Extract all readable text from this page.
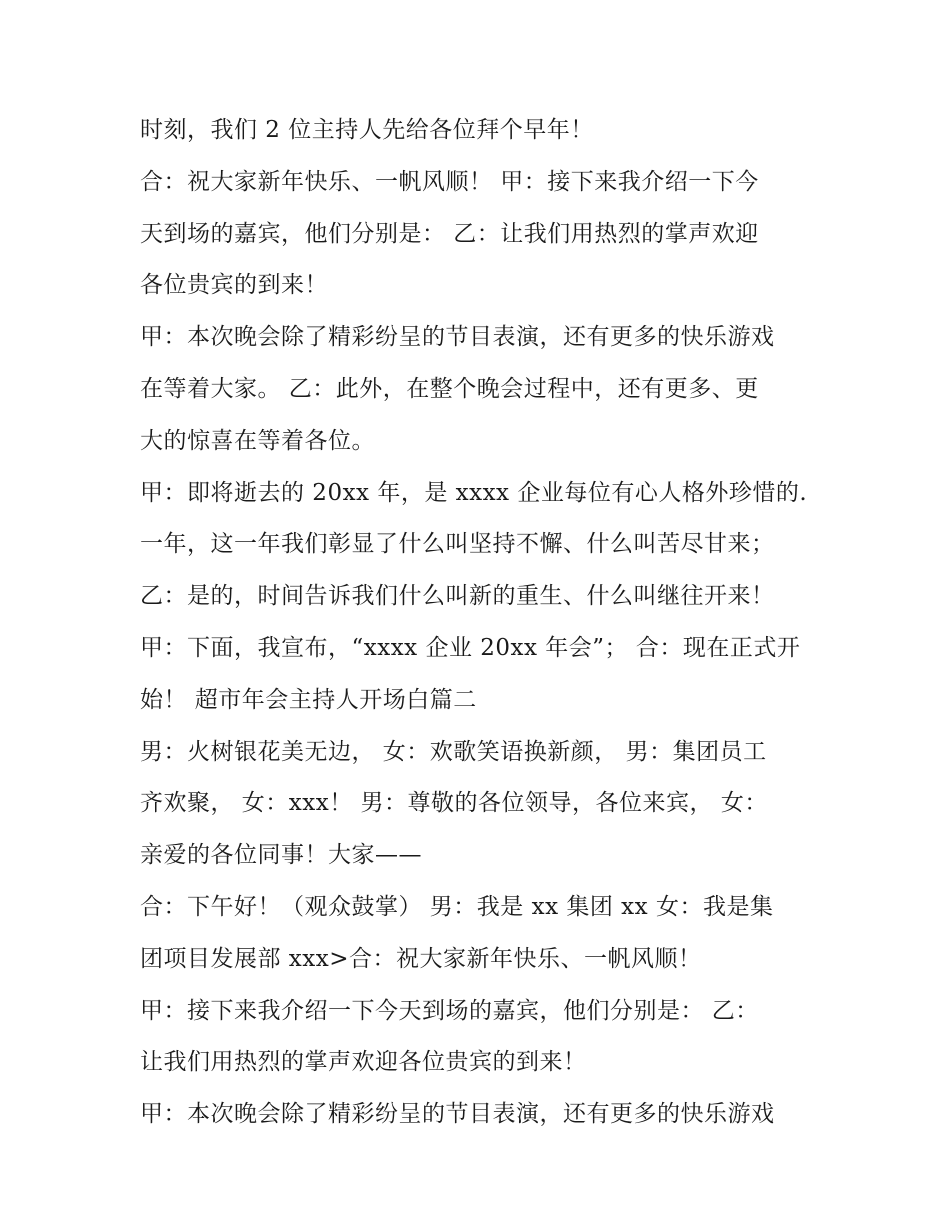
时刻，我们 2 位主持人先给各位拜个早年！
合：祝大家新年快乐、一帆风顺！ 甲：接下来我介绍一下今
天到场的嘉宾，他们分别是： 乙：让我们用热烈的掌声欢迎
各位贵宾的到来！
甲：本次晚会除了精彩纷呈的节目表演，还有更多的快乐游戏
在等着大家。 乙：此外，在整个晚会过程中，还有更多、更
大的惊喜在等着各位。
甲：即将逝去的 20xx 年，是 xxxx 企业每位有心人格外珍惜的.
一年，这一年我们彰显了什么叫坚持不懈、什么叫苦尽甘来；
乙：是的，时间告诉我们什么叫新的重生、什么叫继往开来！
甲：下面，我宣布，“xxxx 企业 20xx 年会”； 合：现在正式开
始！ 超市年会主持人开场白篇二
男：火树银花美无边， 女：欢歌笑语换新颜， 男：集团员工
齐欢聚， 女：xxx！ 男：尊敬的各位领导，各位来宾， 女：
亲爱的各位同事！大家——
合：下午好！（观众鼓掌） 男：我是 xx 集团 xx 女：我是集
团项目发展部 xxx>合：祝大家新年快乐、一帆风顺！
甲：接下来我介绍一下今天到场的嘉宾，他们分别是： 乙：
让我们用热烈的掌声欢迎各位贵宾的到来！
甲：本次晚会除了精彩纷呈的节目表演，还有更多的快乐游戏
